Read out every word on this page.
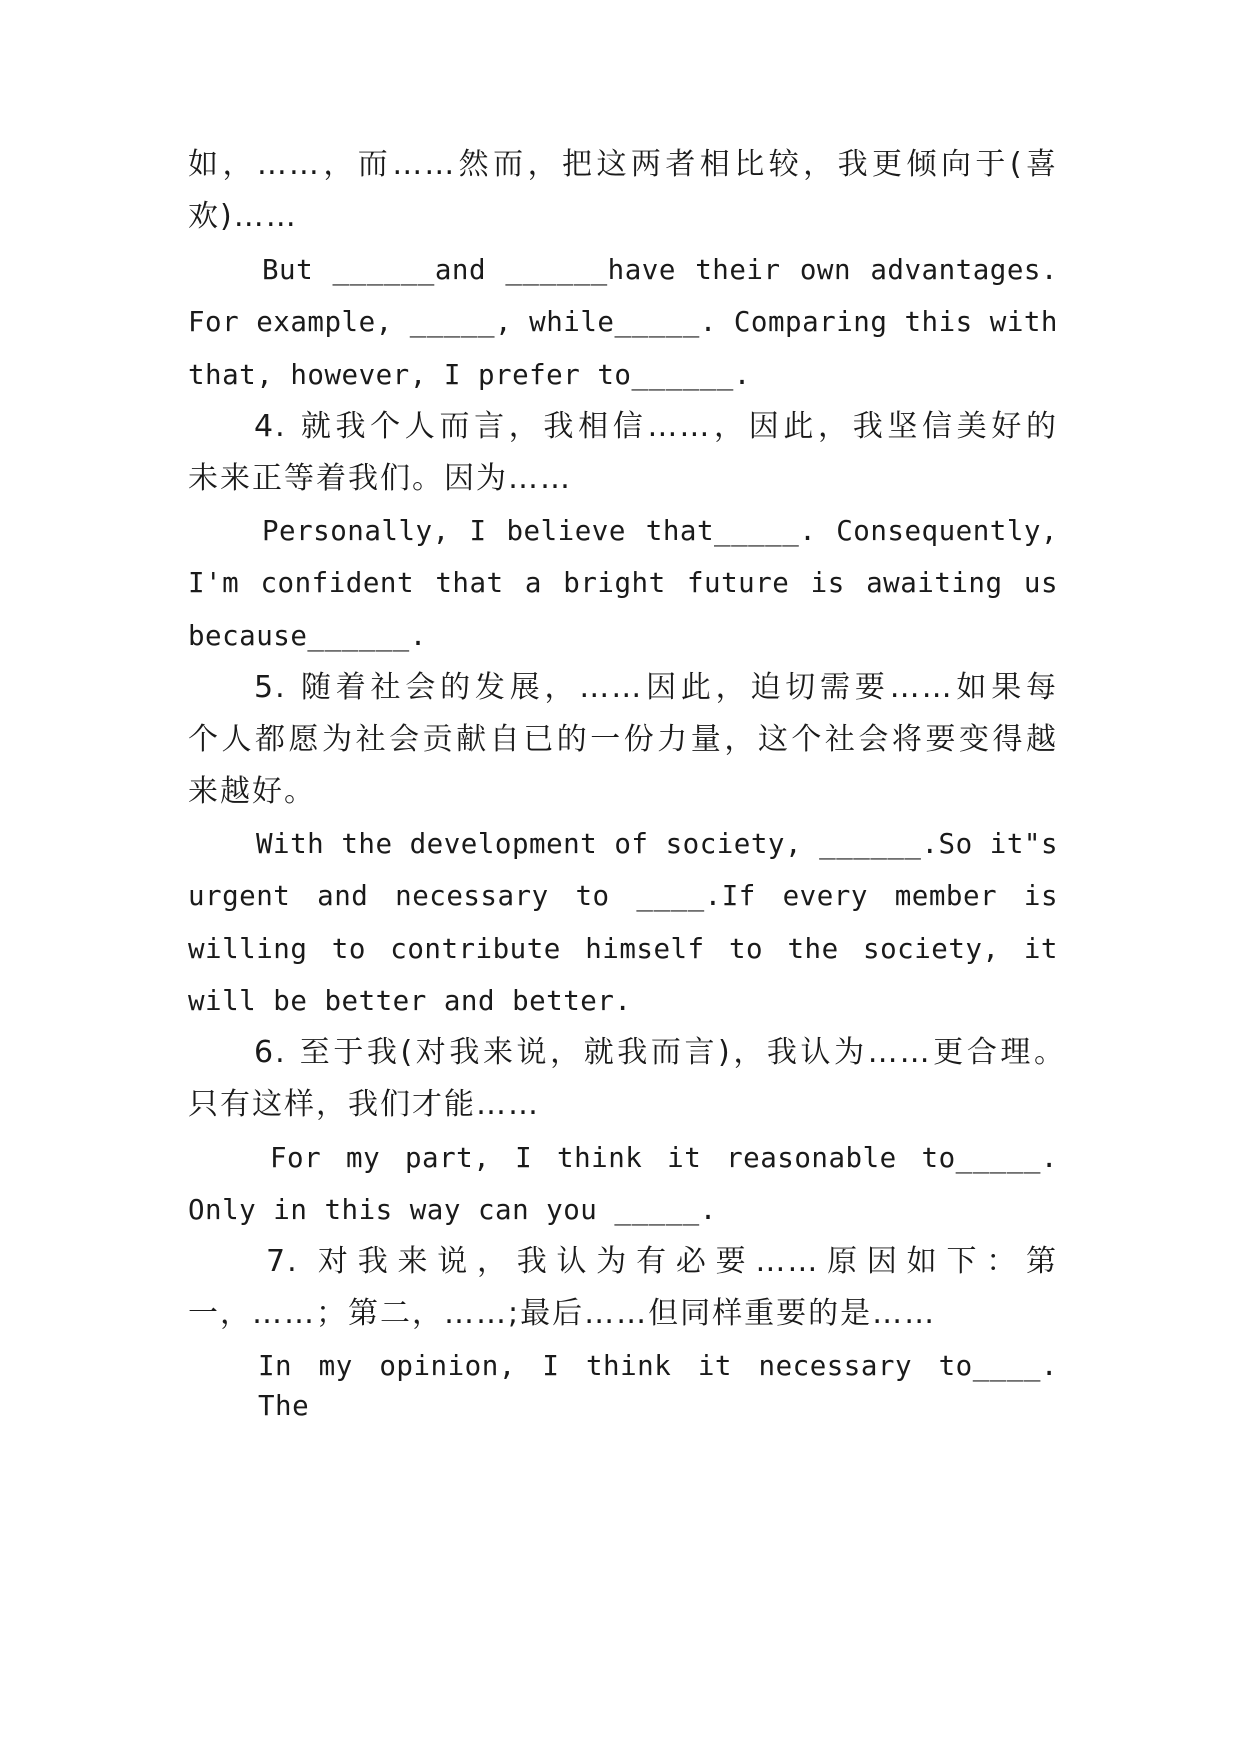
如，……，而……然而，把这两者相比较，我更倾向于(喜
欢)……
But ______and ______have their own advantages.
For example, _____, while_____. Comparing this with
that, however, I prefer to______.
4. 就我个人而言，我相信……，因此，我坚信美好的
未来正等着我们。因为……
Personally, I believe that_____. Consequently,
I'm confident that a bright future is awaiting us
because______.
5. 随着社会的发展，……因此，迫切需要……如果每
个人都愿为社会贡献自已的一份力量，这个社会将要变得越
来越好。
With the development of society, ______.So it"s
urgent and necessary to ____.If every member is
willing to contribute himself to the society, it
will be better and better.
6. 至于我(对我来说，就我而言)，我认为……更合理。
只有这样，我们才能……
For my part, I think it reasonable to_____.
Only in this way can you _____.
7. 对我来说，我认为有必要……原因如下：第
一，……；第二，……;最后……但同样重要的是……
In my opinion, I think it necessary to____. The
